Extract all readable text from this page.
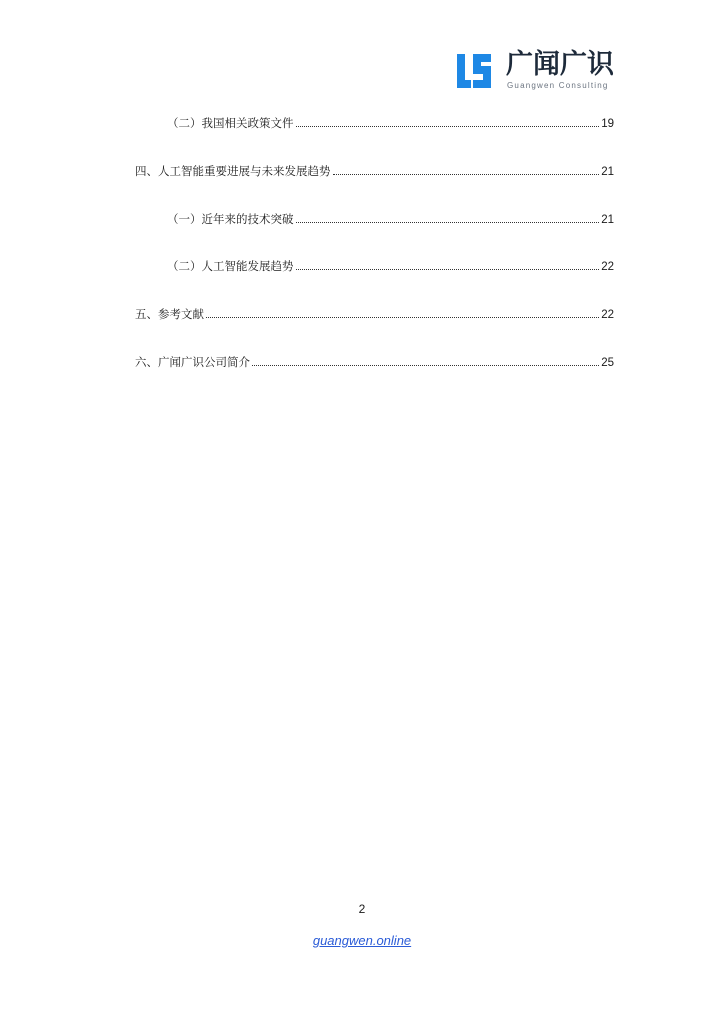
广闻广识
Guangwen Consulting
（二）我国相关政策文件	19
四、人工智能重要进展与未来发展趋势	21
（一）近年来的技术突破	21
（二）人工智能发展趋势	22
五、参考文献	22
六、广闻广识公司简介	25
2
guangwen.online
